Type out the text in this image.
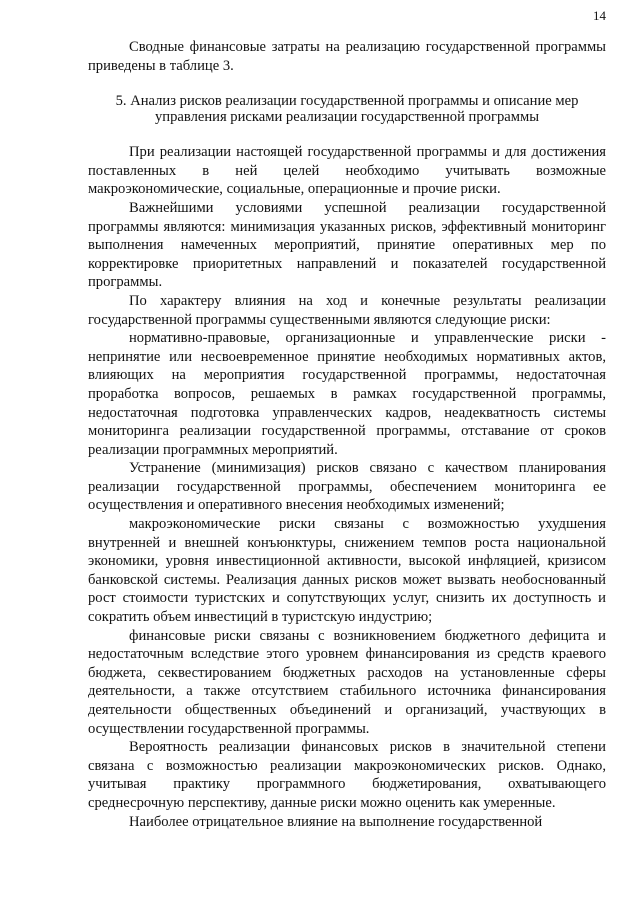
14

Сводные финансовые затраты на реализацию государственной программы приведены в таблице 3.

5. Анализ рисков реализации государственной программы и описание мер управления рисками реализации государственной программы

При реализации настоящей государственной программы и для достижения поставленных в ней целей необходимо учитывать возможные макроэкономические, социальные, операционные и прочие риски.

Важнейшими условиями успешной реализации государственной программы являются: минимизация указанных рисков, эффективный мониторинг выполнения намеченных мероприятий, принятие оперативных мер по корректировке приоритетных направлений и показателей государственной программы.

По характеру влияния на ход и конечные результаты реализации государственной программы существенными являются следующие риски:

нормативно-правовые, организационные и управленческие риски - непринятие или несвоевременное принятие необходимых нормативных актов, влияющих на мероприятия государственной программы, недостаточная проработка вопросов, решаемых в рамках государственной программы, недостаточная подготовка управленческих кадров, неадекватность системы мониторинга реализации государственной программы, отставание от сроков реализации программных мероприятий.

Устранение (минимизация) рисков связано с качеством планирования реализации государственной программы, обеспечением мониторинга ее осуществления и оперативного внесения необходимых изменений;

макроэкономические риски связаны с возможностью ухудшения внутренней и внешней конъюнктуры, снижением темпов роста национальной экономики, уровня инвестиционной активности, высокой инфляцией, кризисом банковской системы. Реализация данных рисков может вызвать необоснованный рост стоимости туристских и сопутствующих услуг, снизить их доступность и сократить объем инвестиций в туристскую индустрию;

финансовые риски связаны с возникновением бюджетного дефицита и недостаточным вследствие этого уровнем финансирования из средств краевого бюджета, секвестированием бюджетных расходов на установленные сферы деятельности, а также отсутствием стабильного источника финансирования деятельности общественных объединений и организаций, участвующих в осуществлении государственной программы.

Вероятность реализации финансовых рисков в значительной степени связана с возможностью реализации макроэкономических рисков. Однако, учитывая практику программного бюджетирования, охватывающего среднесрочную перспективу, данные риски можно оценить как умеренные.

Наиболее отрицательное влияние на выполнение государственной
